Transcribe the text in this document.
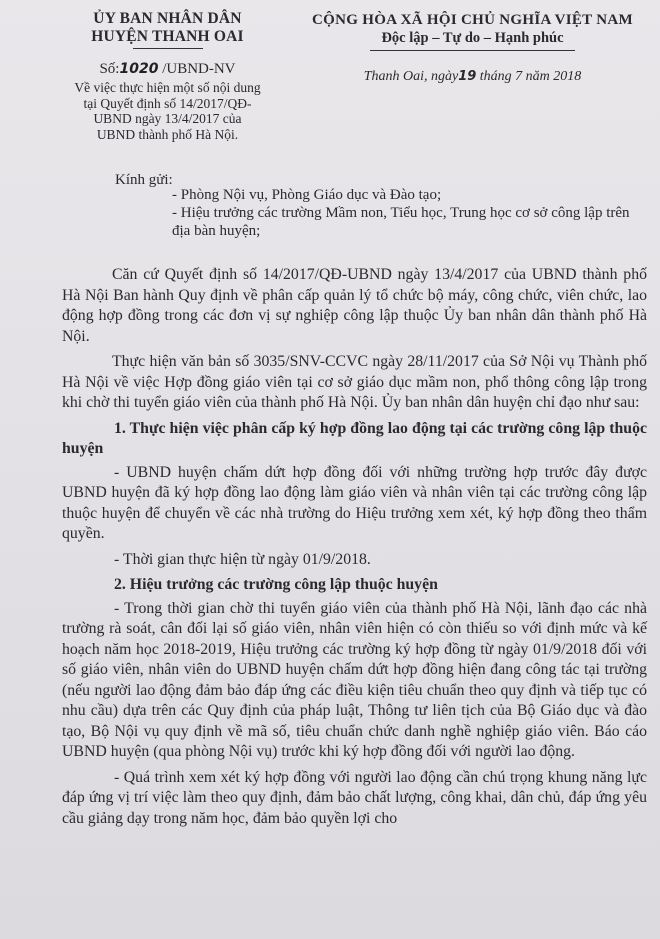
ỦY BAN NHÂN DÂN
HUYỆN THANH OAI
Số:1020 /UBND-NV
Về việc thực hiện một số nội dung
tại Quyết định số 14/2017/QĐ-
UBND ngày 13/4/2017 của
UBND thành phố Hà Nội.
CỘNG HÒA XÃ HỘI CHỦ NGHĨA VIỆT NAM
Độc lập – Tự do – Hạnh phúc
Thanh Oai, ngày19 tháng 7 năm 2018
Kính gửi:
- Phòng Nội vụ, Phòng Giáo dục và Đào tạo;
- Hiệu trưởng các trường Mầm non, Tiểu học, Trung học cơ sở công lập trên địa bàn huyện;

Căn cứ Quyết định số 14/2017/QĐ-UBND ngày 13/4/2017 của UBND thành phố Hà Nội Ban hành Quy định về phân cấp quản lý tổ chức bộ máy, công chức, viên chức, lao động hợp đồng trong các đơn vị sự nghiệp công lập thuộc Ủy ban nhân dân thành phố Hà Nội.

Thực hiện văn bản số 3035/SNV-CCVC ngày 28/11/2017 của Sở Nội vụ Thành phố Hà Nội về việc Hợp đồng giáo viên tại cơ sở giáo dục mầm non, phổ thông công lập trong khi chờ thi tuyển giáo viên của thành phố Hà Nội. Ủy ban nhân dân huyện chỉ đạo như sau:

1. Thực hiện việc phân cấp ký hợp đồng lao động tại các trường công lập thuộc huyện

- UBND huyện chấm dứt hợp đồng đối với những trường hợp trước đây được UBND huyện đã ký hợp đồng lao động làm giáo viên và nhân viên tại các trường công lập thuộc huyện để chuyển về các nhà trường do Hiệu trưởng xem xét, ký hợp đồng theo thẩm quyền.

- Thời gian thực hiện từ ngày 01/9/2018.

2. Hiệu trưởng các trường công lập thuộc huyện

- Trong thời gian chờ thi tuyển giáo viên của thành phố Hà Nội, lãnh đạo các nhà trường rà soát, cân đối lại số giáo viên, nhân viên hiện có còn thiếu so với định mức và kế hoạch năm học 2018-2019, Hiệu trưởng các trường ký hợp đồng từ ngày 01/9/2018 đối với số giáo viên, nhân viên do UBND huyện chấm dứt hợp đồng hiện đang công tác tại trường (nếu người lao động đảm bảo đáp ứng các điều kiện tiêu chuẩn theo quy định và tiếp tục có nhu cầu) dựa trên các Quy định của pháp luật, Thông tư liên tịch của Bộ Giáo dục và đào tạo, Bộ Nội vụ quy định về mã số, tiêu chuẩn chức danh nghề nghiệp giáo viên. Báo cáo UBND huyện (qua phòng Nội vụ) trước khi ký hợp đồng đối với người lao động.

- Quá trình xem xét ký hợp đồng với người lao động cần chú trọng khung năng lực đáp ứng vị trí việc làm theo quy định, đảm bảo chất lượng, công khai, dân chủ, đáp ứng yêu cầu giảng dạy trong năm học, đảm bảo quyền lợi cho
